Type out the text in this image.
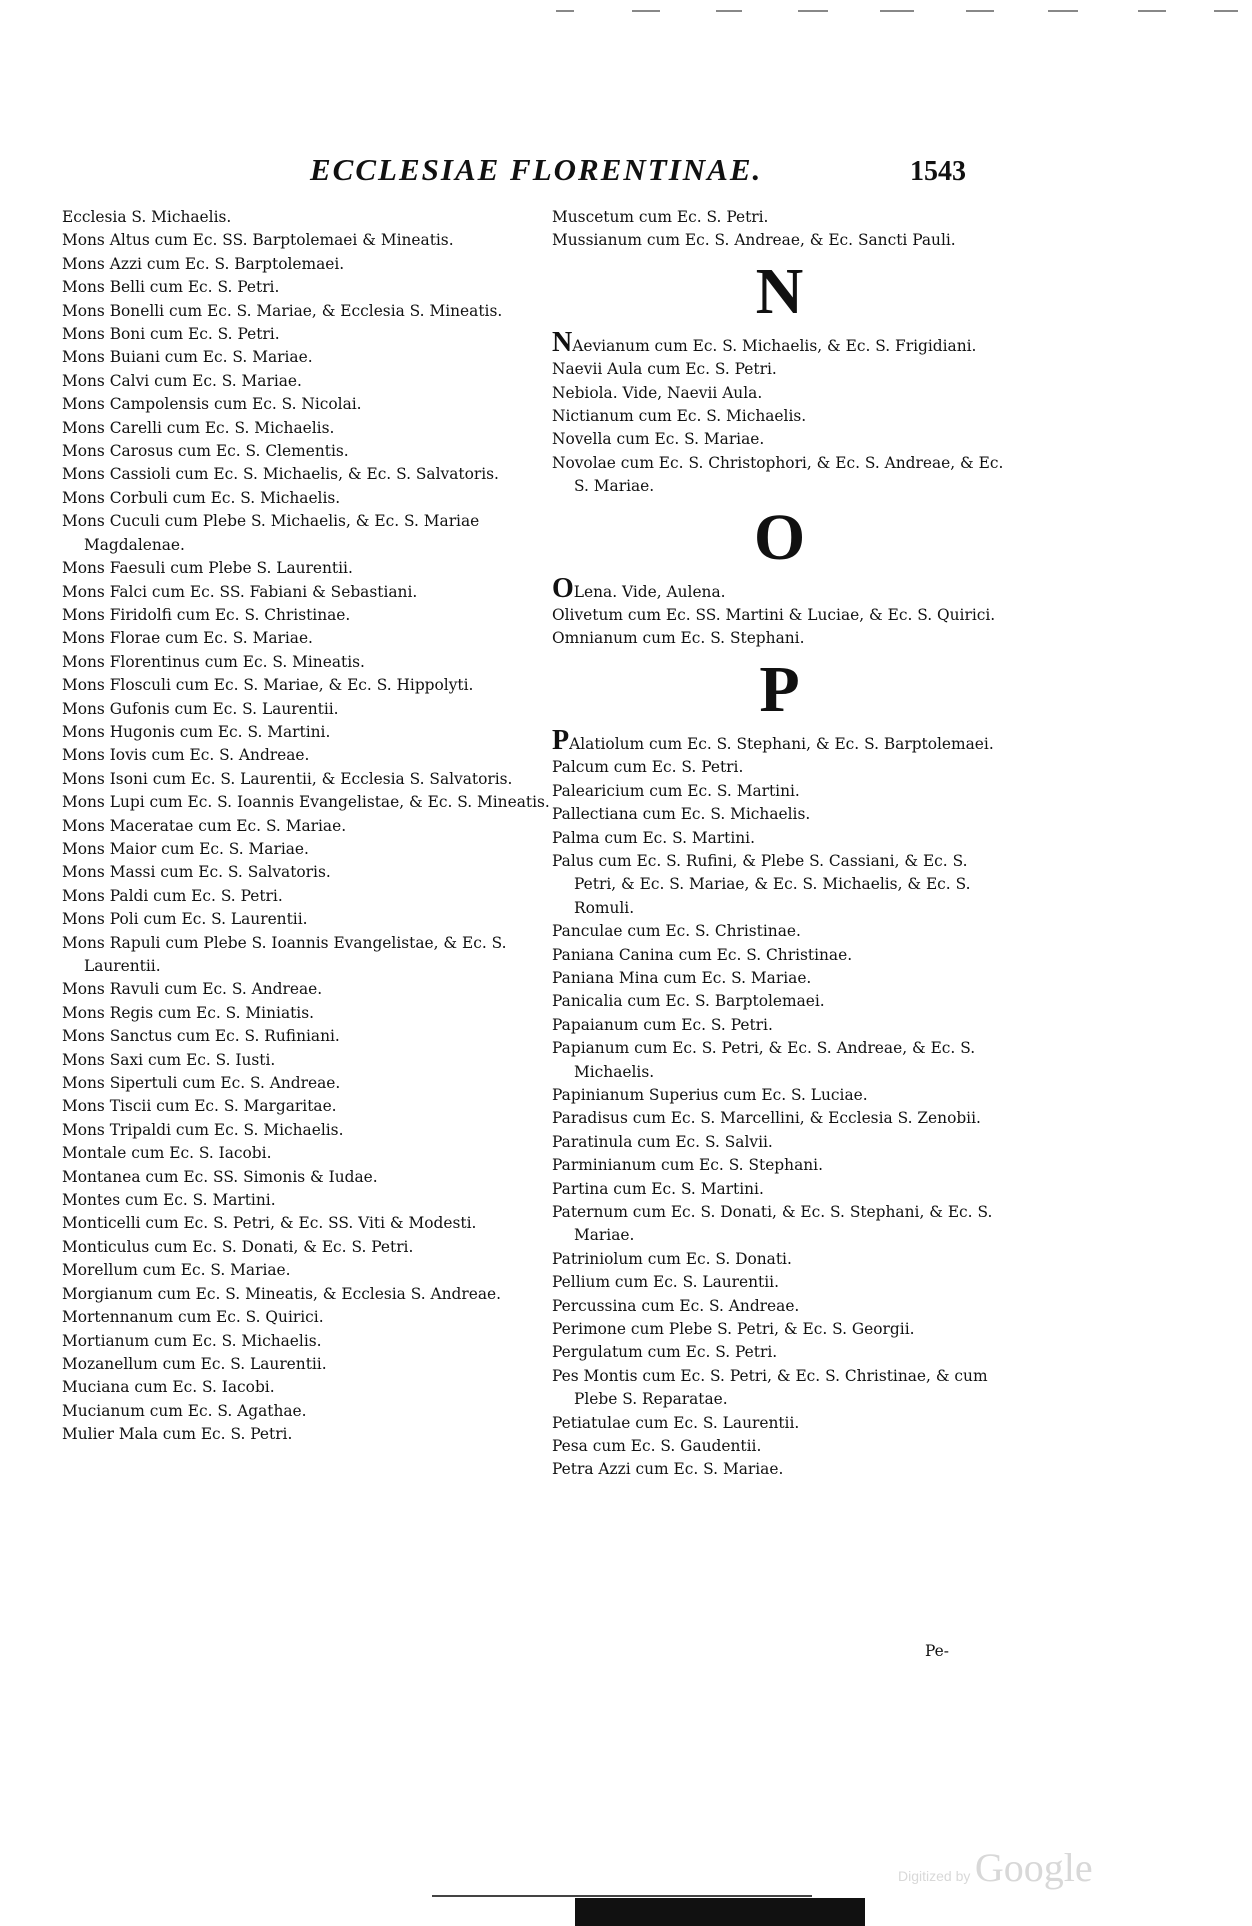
ECCLESIAE FLORENTINAE.	1543
Ecclesia S. Michaelis.
Mons Altus cum Ec. SS. Barptolemaei & Mineatis.
Mons Azzi cum Ec. S. Barptolemaei.
Mons Belli cum Ec. S. Petri.
Mons Bonelli cum Ec. S. Mariae, & Ecclesia S. Mineatis.
Mons Boni cum Ec. S. Petri.
Mons Buiani cum Ec. S. Mariae.
Mons Calvi cum Ec. S. Mariae.
Mons Campolensis cum Ec. S. Nicolai.
Mons Carelli cum Ec. S. Michaelis.
Mons Carosus cum Ec. S. Clementis.
Mons Cassioli cum Ec. S. Michaelis, & Ec. S. Salvatoris.
Mons Corbuli cum Ec. S. Michaelis.
Mons Cuculi cum Plebe S. Michaelis, & Ec. S. Mariae Magdalenae.
Mons Faesuli cum Plebe S. Laurentii.
Mons Falci cum Ec. SS. Fabiani & Sebastiani.
Mons Firidolfi cum Ec. S. Christinae.
Mons Florae cum Ec. S. Mariae.
Mons Florentinus cum Ec. S. Mineatis.
Mons Flosculi cum Ec. S. Mariae, & Ec. S. Hippolyti.
Mons Gufonis cum Ec. S. Laurentii.
Mons Hugonis cum Ec. S. Martini.
Mons Iovis cum Ec. S. Andreae.
Mons Isoni cum Ec. S. Laurentii, & Ecclesia S. Salvatoris.
Mons Lupi cum Ec. S. Ioannis Evangelistae, & Ec. S. Mineatis.
Mons Maceratae cum Ec. S. Mariae.
Mons Maior cum Ec. S. Mariae.
Mons Massi cum Ec. S. Salvatoris.
Mons Paldi cum Ec. S. Petri.
Mons Poli cum Ec. S. Laurentii.
Mons Rapuli cum Plebe S. Ioannis Evangelistae, & Ec. S. Laurentii.
Mons Ravuli cum Ec. S. Andreae.
Mons Regis cum Ec. S. Miniatis.
Mons Sanctus cum Ec. S. Rufiniani.
Mons Saxi cum Ec. S. Iusti.
Mons Sipertuli cum Ec. S. Andreae.
Mons Tiscii cum Ec. S. Margaritae.
Mons Tripaldi cum Ec. S. Michaelis.
Montale cum Ec. S. Iacobi.
Montanea cum Ec. SS. Simonis & Iudae.
Montes cum Ec. S. Martini.
Monticelli cum Ec. S. Petri, & Ec. SS. Viti & Modesti.
Monticulus cum Ec. S. Donati, & Ec. S. Petri.
Morellum cum Ec. S. Mariae.
Morgianum cum Ec. S. Mineatis, & Ecclesia S. Andreae.
Mortennanum cum Ec. S. Quirici.
Mortianum cum Ec. S. Michaelis.
Mozanellum cum Ec. S. Laurentii.
Muciana cum Ec. S. Iacobi.
Mucianum cum Ec. S. Agathae.
Mulier Mala cum Ec. S. Petri.
Muscetum cum Ec. S. Petri.
Mussianum cum Ec. S. Andreae, & Ec. Sancti Pauli.
N
NAevianum cum Ec. S. Michaelis, & Ec. S. Frigidiani.
Naevii Aula cum Ec. S. Petri.
Nebiola. Vide, Naevii Aula.
Nictianum cum Ec. S. Michaelis.
Novella cum Ec. S. Mariae.
Novolae cum Ec. S. Christophori, & Ec. S. Andreae, & Ec. S. Mariae.
O
OLena. Vide, Aulena.
Olivetum cum Ec. SS. Martini & Luciae, & Ec. S. Quirici.
Omnianum cum Ec. S. Stephani.
P
PAlatiolum cum Ec. S. Stephani, & Ec. S. Barptolemaei.
Palcum cum Ec. S. Petri.
Palearicium cum Ec. S. Martini.
Pallectiana cum Ec. S. Michaelis.
Palma cum Ec. S. Martini.
Palus cum Ec. S. Rufini, & Plebe S. Cassiani, & Ec. S. Petri, & Ec. S. Mariae, & Ec. S. Michaelis, & Ec. S. Romuli.
Panculae cum Ec. S. Christinae.
Paniana Canina cum Ec. S. Christinae.
Paniana Mina cum Ec. S. Mariae.
Panicalia cum Ec. S. Barptolemaei.
Papaianum cum Ec. S. Petri.
Papianum cum Ec. S. Petri, & Ec. S. Andreae, & Ec. S. Michaelis.
Papinianum Superius cum Ec. S. Luciae.
Paradisus cum Ec. S. Marcellini, & Ecclesia S. Zenobii.
Paratinula cum Ec. S. Salvii.
Parminianum cum Ec. S. Stephani.
Partina cum Ec. S. Martini.
Paternum cum Ec. S. Donati, & Ec. S. Stephani, & Ec. S. Mariae.
Patriniolum cum Ec. S. Donati.
Pellium cum Ec. S. Laurentii.
Percussina cum Ec. S. Andreae.
Perimone cum Plebe S. Petri, & Ec. S. Georgii.
Pergulatum cum Ec. S. Petri.
Pes Montis cum Ec. S. Petri, & Ec. S. Christinae, & cum Plebe S. Reparatae.
Petiatulae cum Ec. S. Laurentii.
Pesa cum Ec. S. Gaudentii.
Petra Azzi cum Ec. S. Mariae.
Pe-
Digitized by Google
